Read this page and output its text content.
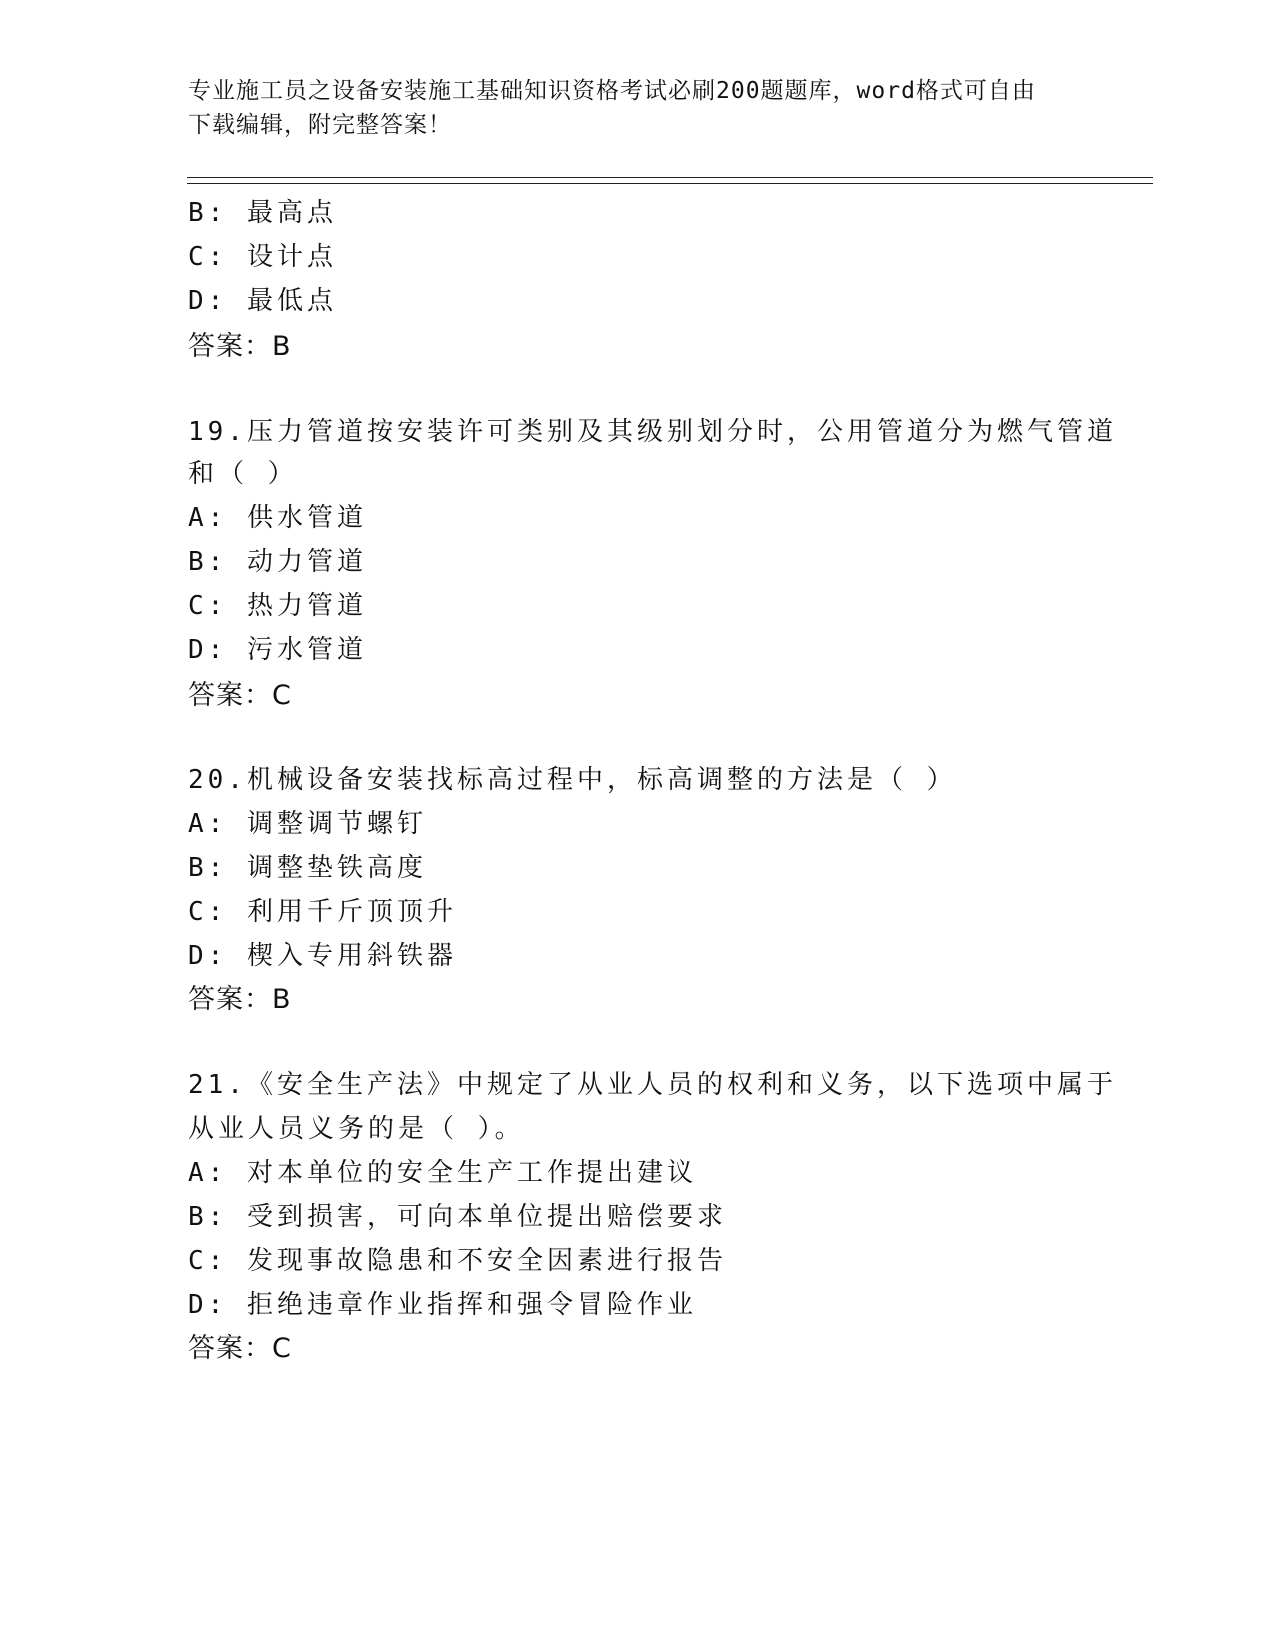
专业施工员之设备安装施工基础知识资格考试必刷200题题库，word格式可自由
下载编辑，附完整答案！
B: 最高点
C: 设计点
D: 最低点
答案：B
19.压力管道按安装许可类别及其级别划分时，公用管道分为燃气管道
和（ ）
A: 供水管道
B: 动力管道
C: 热力管道
D: 污水管道
答案：C
20.机械设备安装找标高过程中，标高调整的方法是（ ）
A: 调整调节螺钉
B: 调整垫铁高度
C: 利用千斤顶顶升
D: 楔入专用斜铁器
答案：B
21.《安全生产法》中规定了从业人员的权利和义务，以下选项中属于
从业人员义务的是（ ）。
A: 对本单位的安全生产工作提出建议
B: 受到损害，可向本单位提出赔偿要求
C: 发现事故隐患和不安全因素进行报告
D: 拒绝违章作业指挥和强令冒险作业
答案：C
